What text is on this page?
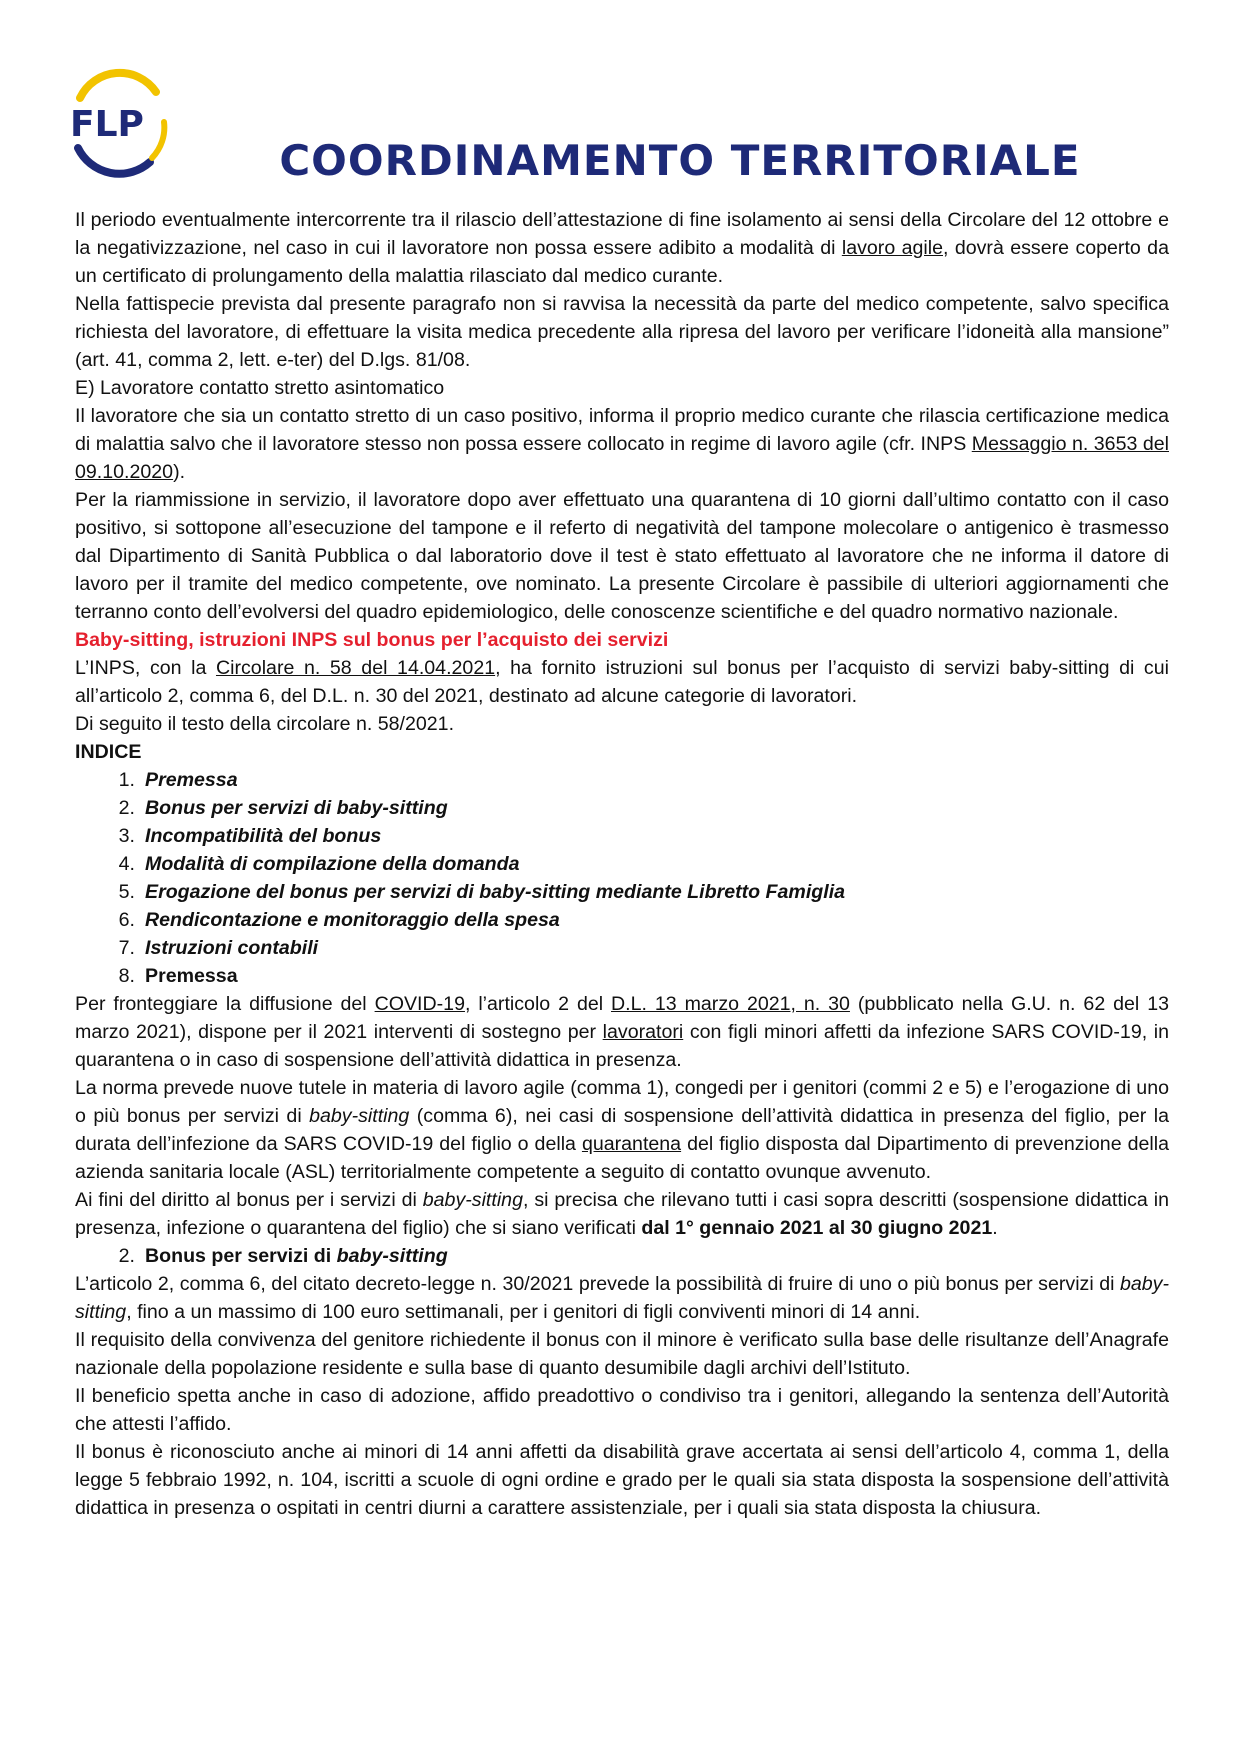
FLP
COORDINAMENTO TERRITORIALE

Il periodo eventualmente intercorrente tra il rilascio dell’attestazione di fine isolamento ai sensi della Circolare del 12 ottobre e la negativizzazione, nel caso in cui il lavoratore non possa essere adibito a modalità di lavoro agile, dovrà essere coperto da un certificato di prolungamento della malattia rilasciato dal medico curante.

Nella fattispecie prevista dal presente paragrafo non si ravvisa la necessità da parte del medico competente, salvo specifica richiesta del lavoratore, di effettuare la visita medica precedente alla ripresa del lavoro per verificare l’idoneità alla mansione” (art. 41, comma 2, lett. e-ter) del D.lgs. 81/08.

E) Lavoratore contatto stretto asintomatico

Il lavoratore che sia un contatto stretto di un caso positivo, informa il proprio medico curante che rilascia certificazione medica di malattia salvo che il lavoratore stesso non possa essere collocato in regime di lavoro agile (cfr. INPS Messaggio n. 3653 del 09.10.2020).

Per la riammissione in servizio, il lavoratore dopo aver effettuato una quarantena di 10 giorni dall’ultimo contatto con il caso positivo, si sottopone all’esecuzione del tampone e il referto di negatività del tampone molecolare o antigenico è trasmesso dal Dipartimento di Sanità Pubblica o dal laboratorio dove il test è stato effettuato al lavoratore che ne informa il datore di lavoro per il tramite del medico competente, ove nominato. La presente Circolare è passibile di ulteriori aggiornamenti che terranno conto dell’evolversi del quadro epidemiologico, delle conoscenze scientifiche e del quadro normativo nazionale.

Baby-sitting, istruzioni INPS sul bonus per l’acquisto dei servizi

L’INPS, con la Circolare n. 58 del 14.04.2021, ha fornito istruzioni sul bonus per l’acquisto di servizi baby-sitting di cui all’articolo 2, comma 6, del D.L. n. 30 del 2021, destinato ad alcune categorie di lavoratori.

Di seguito il testo della circolare n. 58/2021.

INDICE

1. Premessa
2. Bonus per servizi di baby-sitting
3. Incompatibilità del bonus
4. Modalità di compilazione della domanda
5. Erogazione del bonus per servizi di baby-sitting mediante Libretto Famiglia
6. Rendicontazione e monitoraggio della spesa
7. Istruzioni contabili
8. Premessa

Per fronteggiare la diffusione del COVID-19, l’articolo 2 del D.L. 13 marzo 2021, n. 30 (pubblicato nella G.U. n. 62 del 13 marzo 2021), dispone per il 2021 interventi di sostegno per lavoratori con figli minori affetti da infezione SARS COVID-19, in quarantena o in caso di sospensione dell’attività didattica in presenza.

La norma prevede nuove tutele in materia di lavoro agile (comma 1), congedi per i genitori (commi 2 e 5) e l’erogazione di uno o più bonus per servizi di baby-sitting (comma 6), nei casi di sospensione dell’attività didattica in presenza del figlio, per la durata dell’infezione da SARS COVID-19 del figlio o della quarantena del figlio disposta dal Dipartimento di prevenzione della azienda sanitaria locale (ASL) territorialmente competente a seguito di contatto ovunque avvenuto.

Ai fini del diritto al bonus per i servizi di baby-sitting, si precisa che rilevano tutti i casi sopra descritti (sospensione didattica in presenza, infezione o quarantena del figlio) che si siano verificati dal 1° gennaio 2021 al 30 giugno 2021.

2. Bonus per servizi di baby-sitting

L’articolo 2, comma 6, del citato decreto-legge n. 30/2021 prevede la possibilità di fruire di uno o più bonus per servizi di baby-sitting, fino a un massimo di 100 euro settimanali, per i genitori di figli conviventi minori di 14 anni.

Il requisito della convivenza del genitore richiedente il bonus con il minore è verificato sulla base delle risultanze dell’Anagrafe nazionale della popolazione residente e sulla base di quanto desumibile dagli archivi dell’Istituto.

Il beneficio spetta anche in caso di adozione, affido preadottivo o condiviso tra i genitori, allegando la sentenza dell’Autorità che attesti l’affido.

Il bonus è riconosciuto anche ai minori di 14 anni affetti da disabilità grave accertata ai sensi dell’articolo 4, comma 1, della legge 5 febbraio 1992, n. 104, iscritti a scuole di ogni ordine e grado per le quali sia stata disposta la sospensione dell’attività didattica in presenza o ospitati in centri diurni a carattere assistenziale, per i quali sia stata disposta la chiusura.
